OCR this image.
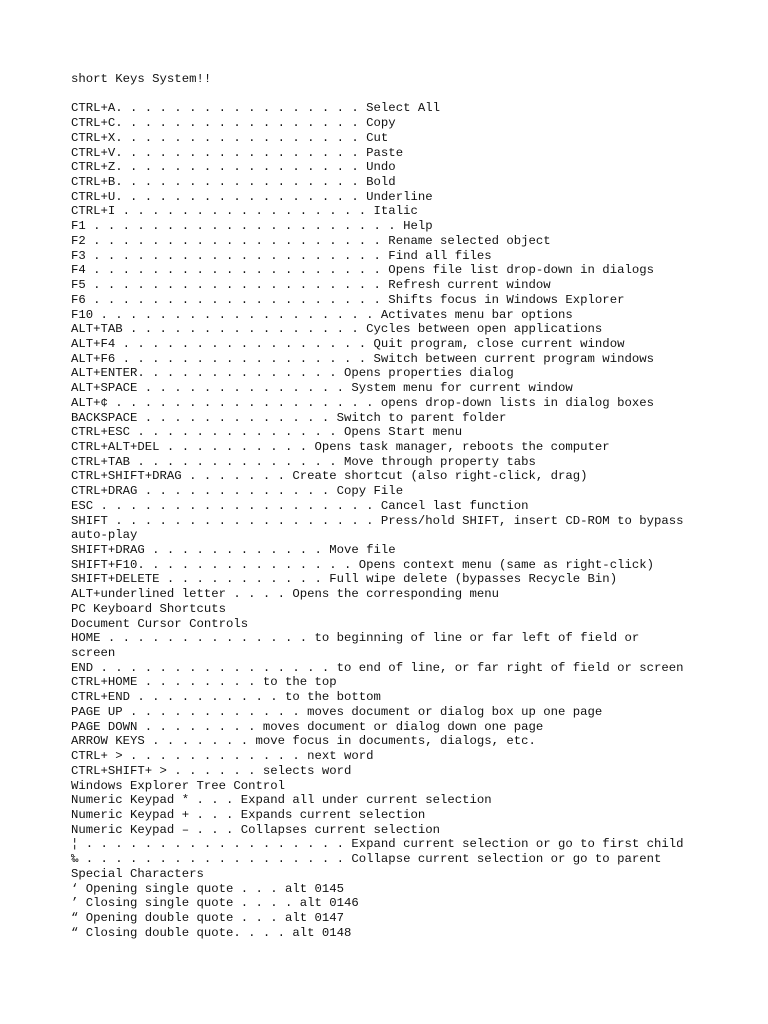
short Keys System!!
CTRL+A. . . . . . . . . . . . . . . . . Select All
CTRL+C. . . . . . . . . . . . . . . . . Copy
CTRL+X. . . . . . . . . . . . . . . . . Cut
CTRL+V. . . . . . . . . . . . . . . . . Paste
CTRL+Z. . . . . . . . . . . . . . . . . Undo
CTRL+B. . . . . . . . . . . . . . . . . Bold
CTRL+U. . . . . . . . . . . . . . . . . Underline
CTRL+I . . . . . . . . . . . . . . . . . Italic
F1 . . . . . . . . . . . . . . . . . . . . . Help
F2 . . . . . . . . . . . . . . . . . . . . Rename selected object
F3 . . . . . . . . . . . . . . . . . . . . Find all files
F4 . . . . . . . . . . . . . . . . . . . . Opens file list drop-down in dialogs
F5 . . . . . . . . . . . . . . . . . . . . Refresh current window
F6 . . . . . . . . . . . . . . . . . . . . Shifts focus in Windows Explorer
F10 . . . . . . . . . . . . . . . . . . . Activates menu bar options
ALT+TAB . . . . . . . . . . . . . . . . Cycles between open applications
ALT+F4 . . . . . . . . . . . . . . . . . Quit program, close current window
ALT+F6 . . . . . . . . . . . . . . . . . Switch between current program windows
ALT+ENTER. . . . . . . . . . . . . . Opens properties dialog
ALT+SPACE . . . . . . . . . . . . . . System menu for current window
ALT+¢ . . . . . . . . . . . . . . . . . . opens drop-down lists in dialog boxes
BACKSPACE . . . . . . . . . . . . . Switch to parent folder
CTRL+ESC . . . . . . . . . . . . . . Opens Start menu
CTRL+ALT+DEL . . . . . . . . . . Opens task manager, reboots the computer
CTRL+TAB . . . . . . . . . . . . . . Move through property tabs
CTRL+SHIFT+DRAG . . . . . . . Create shortcut (also right-click, drag)
CTRL+DRAG . . . . . . . . . . . . . Copy File
ESC . . . . . . . . . . . . . . . . . . . Cancel last function
SHIFT . . . . . . . . . . . . . . . . . . Press/hold SHIFT, insert CD-ROM to bypass
auto-play
SHIFT+DRAG . . . . . . . . . . . . Move file
SHIFT+F10. . . . . . . . . . . . . . . Opens context menu (same as right-click)
SHIFT+DELETE . . . . . . . . . . . Full wipe delete (bypasses Recycle Bin)
ALT+underlined letter . . . . Opens the corresponding menu
PC Keyboard Shortcuts
Document Cursor Controls
HOME . . . . . . . . . . . . . . to beginning of line or far left of field or
screen
END . . . . . . . . . . . . . . . . to end of line, or far right of field or screen
CTRL+HOME . . . . . . . . to the top
CTRL+END . . . . . . . . . . to the bottom
PAGE UP . . . . . . . . . . . . moves document or dialog box up one page
PAGE DOWN . . . . . . . . moves document or dialog down one page
ARROW KEYS . . . . . . . move focus in documents, dialogs, etc.
CTRL+ > . . . . . . . . . . . . next word
CTRL+SHIFT+ > . . . . . . selects word
Windows Explorer Tree Control
Numeric Keypad * . . . Expand all under current selection
Numeric Keypad + . . . Expands current selection
Numeric Keypad – . . . Collapses current selection
¦ . . . . . . . . . . . . . . . . . . Expand current selection or go to first child
‰ . . . . . . . . . . . . . . . . . . Collapse current selection or go to parent
Special Characters
‘ Opening single quote . . . alt 0145
’ Closing single quote . . . . alt 0146
“ Opening double quote . . . alt 0147
“ Closing double quote. . . . alt 0148
